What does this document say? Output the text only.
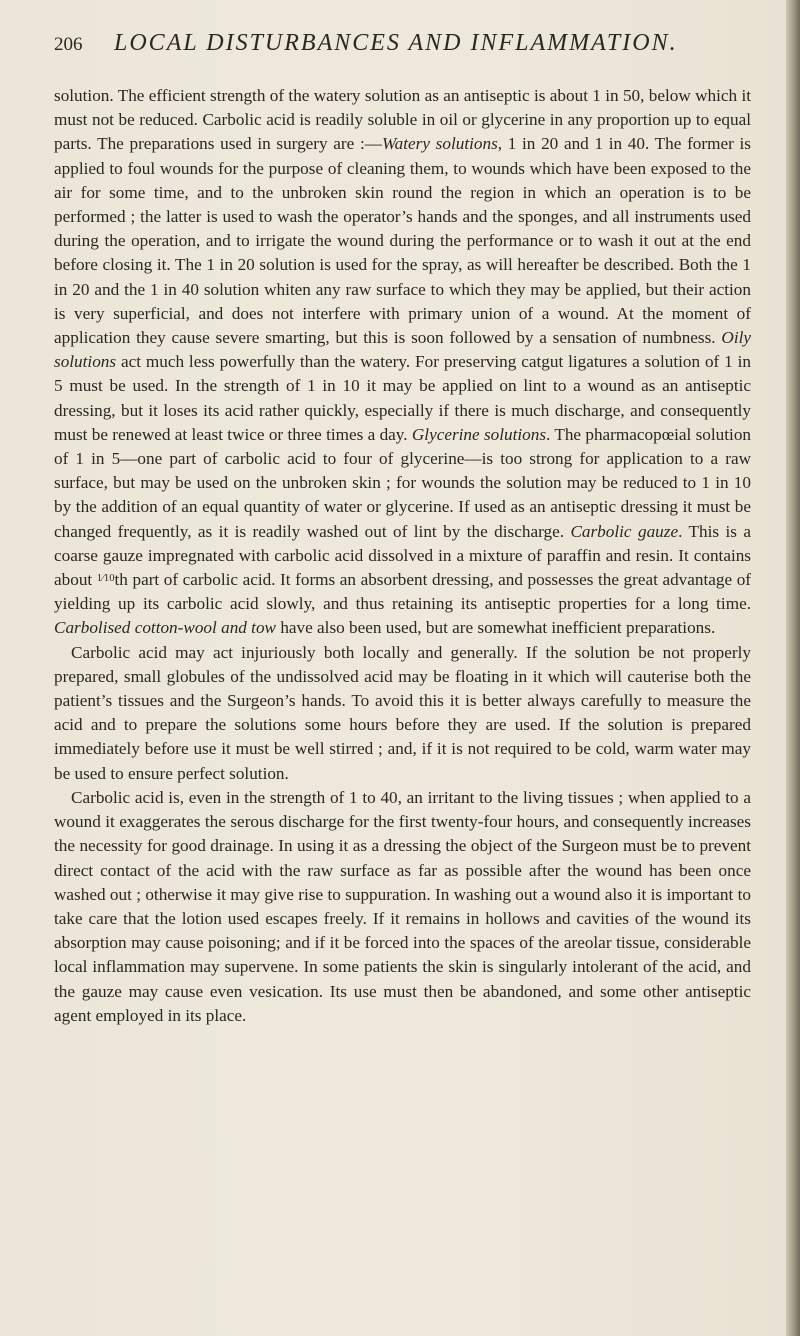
206 LOCAL DISTURBANCES AND INFLAMMATION.

solution. The efficient strength of the watery solution as an antiseptic is about 1 in 50, below which it must not be reduced. Carbolic acid is readily soluble in oil or glycerine in any proportion up to equal parts. The preparations used in surgery are :—Watery solutions, 1 in 20 and 1 in 40. The former is applied to foul wounds for the purpose of cleaning them, to wounds which have been exposed to the air for some time, and to the unbroken skin round the region in which an operation is to be performed ; the latter is used to wash the operator’s hands and the sponges, and all instruments used during the operation, and to irrigate the wound during the performance or to wash it out at the end before closing it. The 1 in 20 solution is used for the spray, as will hereafter be described. Both the 1 in 20 and the 1 in 40 solution whiten any raw surface to which they may be applied, but their action is very superficial, and does not interfere with primary union of a wound. At the moment of application they cause severe smarting, but this is soon followed by a sensation of numbness. Oily solutions act much less powerfully than the watery. For preserving catgut ligatures a solution of 1 in 5 must be used. In the strength of 1 in 10 it may be applied on lint to a wound as an antiseptic dressing, but it loses its acid rather quickly, especially if there is much discharge, and consequently must be renewed at least twice or three times a day. Glycerine solutions. The pharmacopœial solution of 1 in 5—one part of carbolic acid to four of glycerine—is too strong for application to a raw surface, but may be used on the unbroken skin ; for wounds the solution may be reduced to 1 in 10 by the addition of an equal quantity of water or glycerine. If used as an antiseptic dressing it must be changed frequently, as it is readily washed out of lint by the discharge. Carbolic gauze. This is a coarse gauze impregnated with carbolic acid dissolved in a mixture of paraffin and resin. It contains about 1⁄10th part of carbolic acid. It forms an absorbent dressing, and possesses the great advantage of yielding up its carbolic acid slowly, and thus retaining its antiseptic properties for a long time. Carbolised cotton-wool and tow have also been used, but are somewhat inefficient preparations.

Carbolic acid may act injuriously both locally and generally. If the solution be not properly prepared, small globules of the undissolved acid may be floating in it which will cauterise both the patient’s tissues and the Surgeon’s hands. To avoid this it is better always carefully to measure the acid and to prepare the solutions some hours before they are used. If the solution is prepared immediately before use it must be well stirred ; and, if it is not required to be cold, warm water may be used to ensure perfect solution.

Carbolic acid is, even in the strength of 1 to 40, an irritant to the living tissues ; when applied to a wound it exaggerates the serous discharge for the first twenty-four hours, and consequently increases the necessity for good drainage. In using it as a dressing the object of the Surgeon must be to prevent direct contact of the acid with the raw surface as far as possible after the wound has been once washed out ; otherwise it may give rise to suppuration. In washing out a wound also it is important to take care that the lotion used escapes freely. If it remains in hollows and cavities of the wound its absorption may cause poisoning; and if it be forced into the spaces of the areolar tissue, considerable local inflammation may supervene. In some patients the skin is singularly intolerant of the acid, and the gauze may cause even vesication. Its use must then be abandoned, and some other antiseptic agent employed in its place.
